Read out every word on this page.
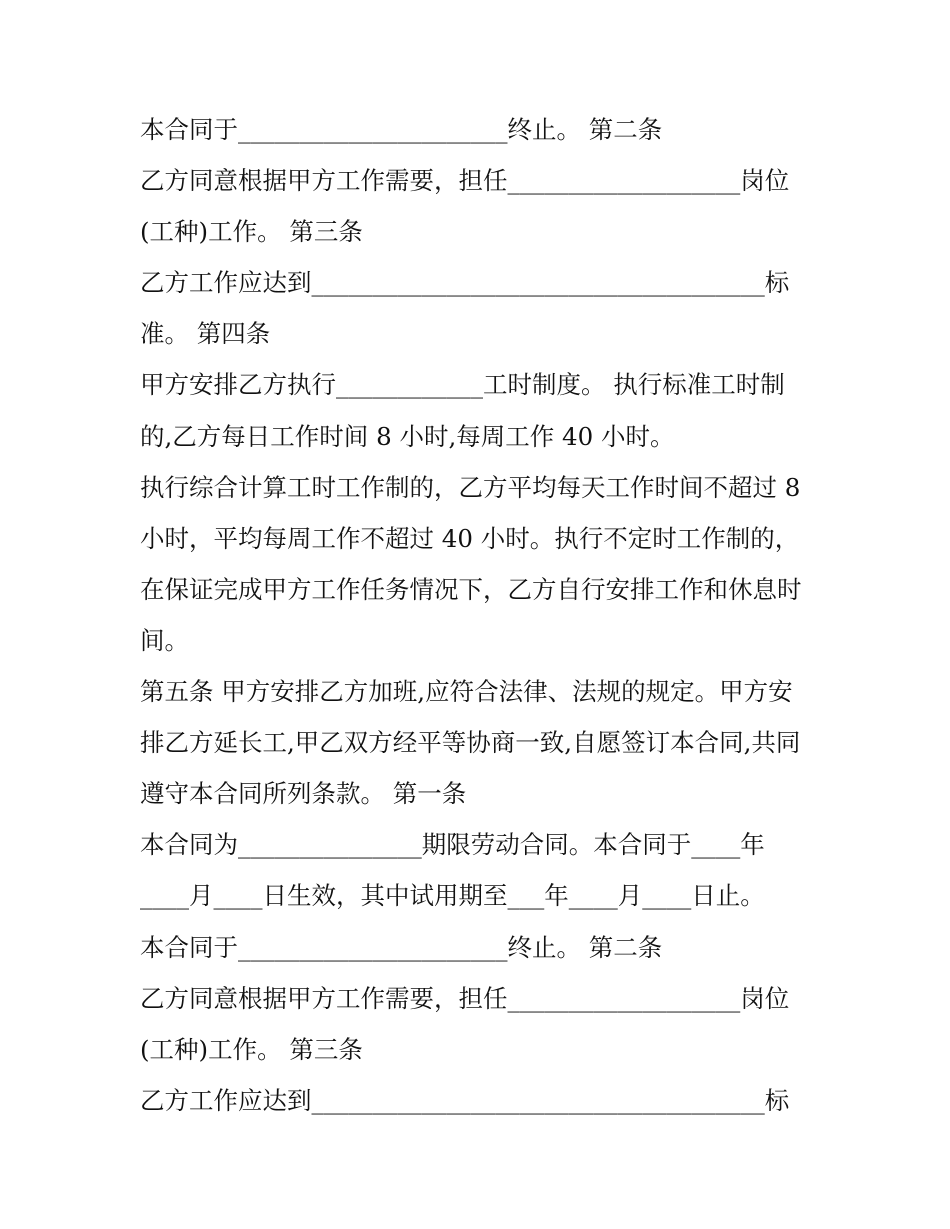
本合同于______________________终止。 第二条
乙方同意根据甲方工作需要，担任___________________岗位
(工种)工作。 第三条
乙方工作应达到_____________________________________标
准。 第四条
甲方安排乙方执行____________工时制度。 执行标准工时制
的,乙方每日工作时间 8 小时,每周工作 40 小时。
执行综合计算工时工作制的，乙方平均每天工作时间不超过 8
小时，平均每周工作不超过 40 小时。执行不定时工作制的，
在保证完成甲方工作任务情况下，乙方自行安排工作和休息时
间。
第五条 甲方安排乙方加班,应符合法律、法规的规定。甲方安
排乙方延长工,甲乙双方经平等协商一致,自愿签订本合同,共同
遵守本合同所列条款。 第一条
本合同为_______________期限劳动合同。本合同于____年
____月____日生效，其中试用期至___年____月____日止。
本合同于______________________终止。 第二条
乙方同意根据甲方工作需要，担任___________________岗位
(工种)工作。 第三条
乙方工作应达到_____________________________________标
